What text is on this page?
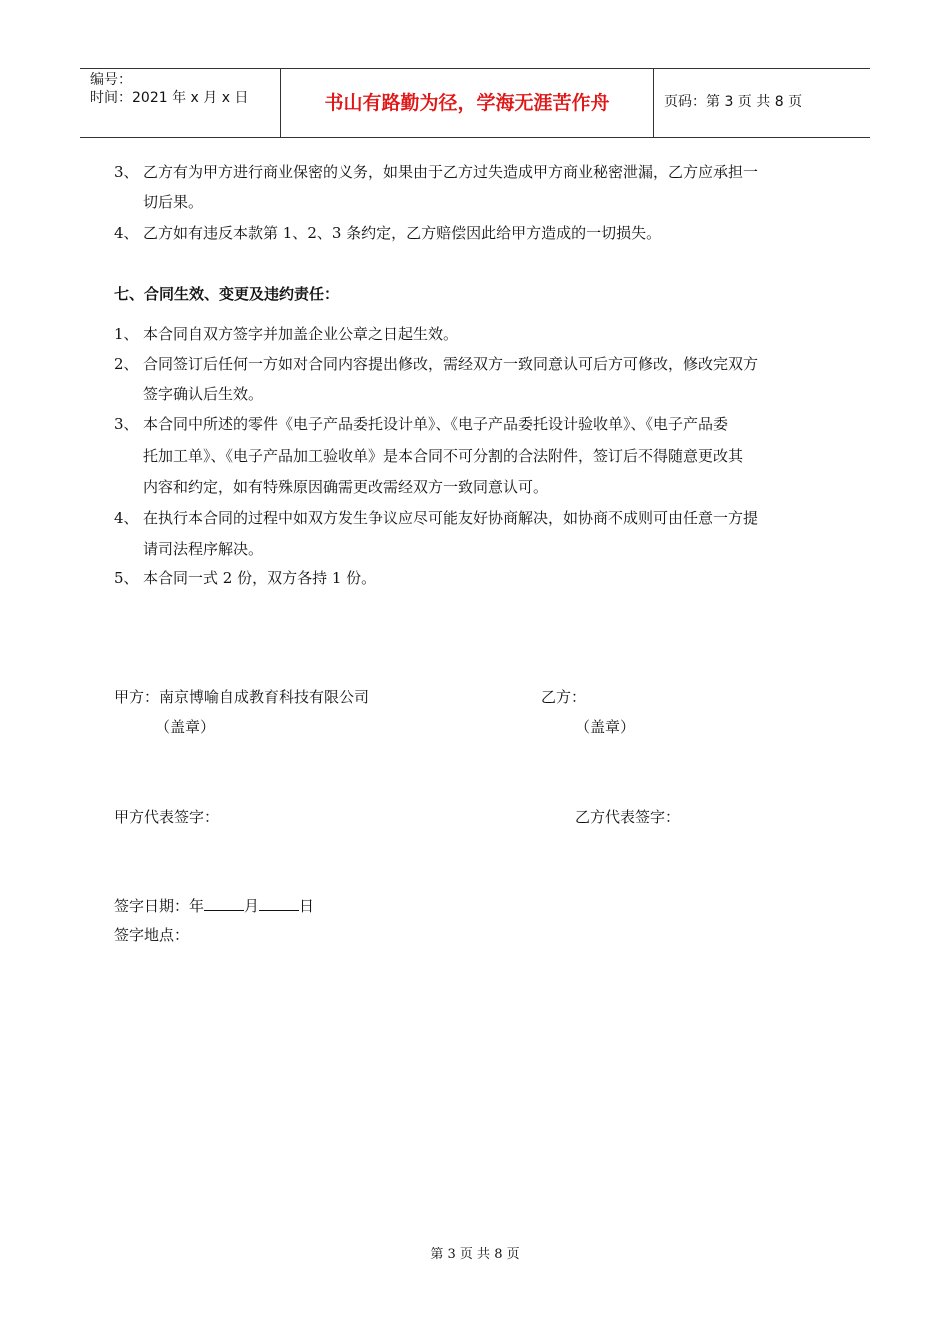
编号：
时间：2021 年 x 月 x 日	书山有路勤为径，学海无涯苦作舟	页码：第 3 页 共 8 页
3、 乙方有为甲方进行商业保密的义务，如果由于乙方过失造成甲方商业秘密泄漏，乙方应承担一
切后果。
4、 乙方如有违反本款第 1、2、3 条约定，乙方赔偿因此给甲方造成的一切损失。
七、合同生效、变更及违约责任：
1、 本合同自双方签字并加盖企业公章之日起生效。
2、 合同签订后任何一方如对合同内容提出修改，需经双方一致同意认可后方可修改，修改完双方
签字确认后生效。
3、 本合同中所述的零件《电子产品委托设计单》、《电子产品委托设计验收单》、《电子产品委
托加工单》、《电子产品加工验收单》是本合同不可分割的合法附件，签订后不得随意更改其
内容和约定，如有特殊原因确需更改需经双方一致同意认可。
4、 在执行本合同的过程中如双方发生争议应尽可能友好协商解决，如协商不成则可由任意一方提
请司法程序解决。
5、 本合同一式 2 份，双方各持 1 份。
甲方：南京博喻自成教育科技有限公司	乙方：
（盖章）	（盖章）
甲方代表签字：	乙方代表签字：
签字日期：年	月	日
签字地点：
第 3 页 共 8 页
